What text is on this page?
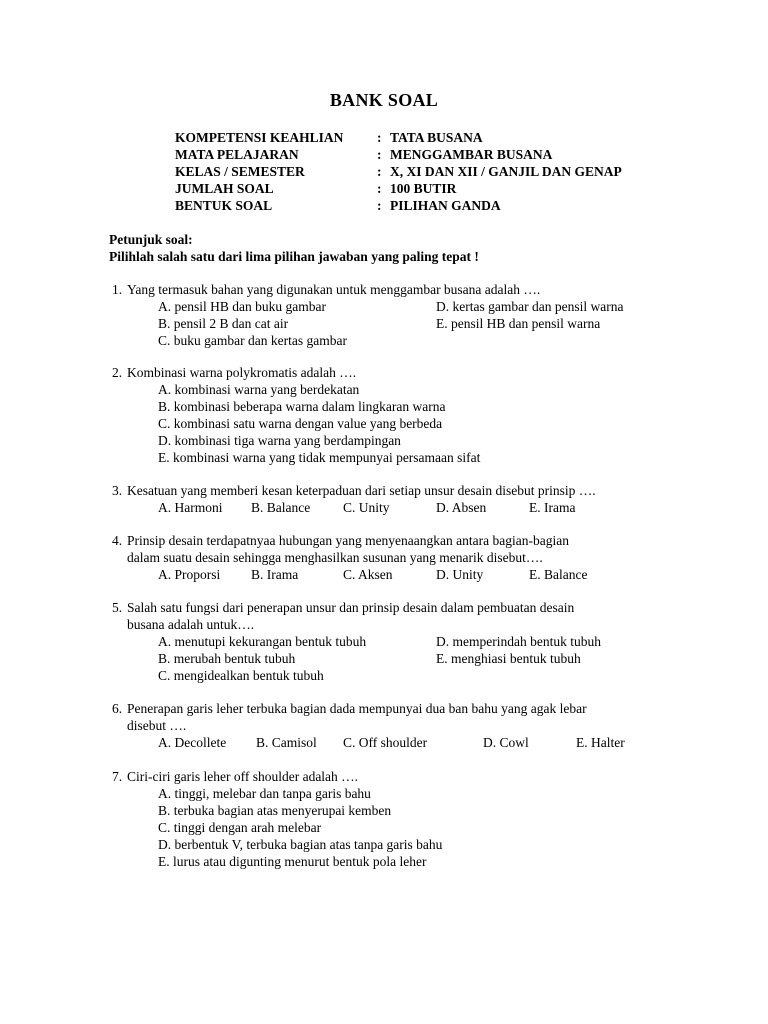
BANK SOAL
KOMPETENSI KEAHLIAN : TATA BUSANA
MATA PELAJARAN	: MENGGAMBAR BUSANA
KELAS / SEMESTER	: X, XI DAN XII / GANJIL DAN GENAP
JUMLAH SOAL	: 100 BUTIR
BENTUK SOAL	: PILIHAN GANDA
Petunjuk soal:
Pilihlah salah satu dari lima pilihan jawaban yang paling tepat !
1. Yang termasuk bahan yang digunakan untuk menggambar busana adalah ….
A. pensil HB dan buku gambar
B. pensil 2 B dan cat air
C. buku gambar dan kertas gambar
D. kertas gambar dan pensil warna
E. pensil HB dan pensil warna
2. Kombinasi warna polykromatis adalah ….
A. kombinasi warna yang berdekatan
B. kombinasi beberapa warna dalam lingkaran warna
C. kombinasi satu warna dengan value yang berbeda
D. kombinasi tiga warna yang berdampingan
E. kombinasi warna yang tidak mempunyai persamaan sifat
3. Kesatuan yang memberi kesan keterpaduan dari setiap unsur desain disebut prinsip ….
A. Harmoni B. Balance C. Unity	D. Absen	E. Irama
4. Prinsip desain terdapatnyaa hubungan yang menyenaangkan antara bagian-bagian
dalam suatu desain sehingga menghasilkan susunan yang menarik disebut….
A. Proporsi B. Irama	C. Aksen	D. Unity	E. Balance
5. Salah satu fungsi dari penerapan unsur dan prinsip desain dalam pembuatan desain
busana adalah untuk….
A. menutupi kekurangan bentuk tubuh
B. merubah bentuk tubuh
C. mengidealkan bentuk tubuh
D. memperindah bentuk tubuh
E. menghiasi bentuk tubuh
6. Penerapan garis leher terbuka bagian dada mempunyai dua ban bahu yang agak lebar
disebut ….
A. Decollete B. Camisol C. Off shoulder	D. Cowl	E. Halter
7. Ciri-ciri garis leher off shoulder adalah ….
A. tinggi, melebar dan tanpa garis bahu
B. terbuka bagian atas menyerupai kemben
C. tinggi dengan arah melebar
D. berbentuk V, terbuka bagian atas tanpa garis bahu
E. lurus atau digunting menurut bentuk pola leher
